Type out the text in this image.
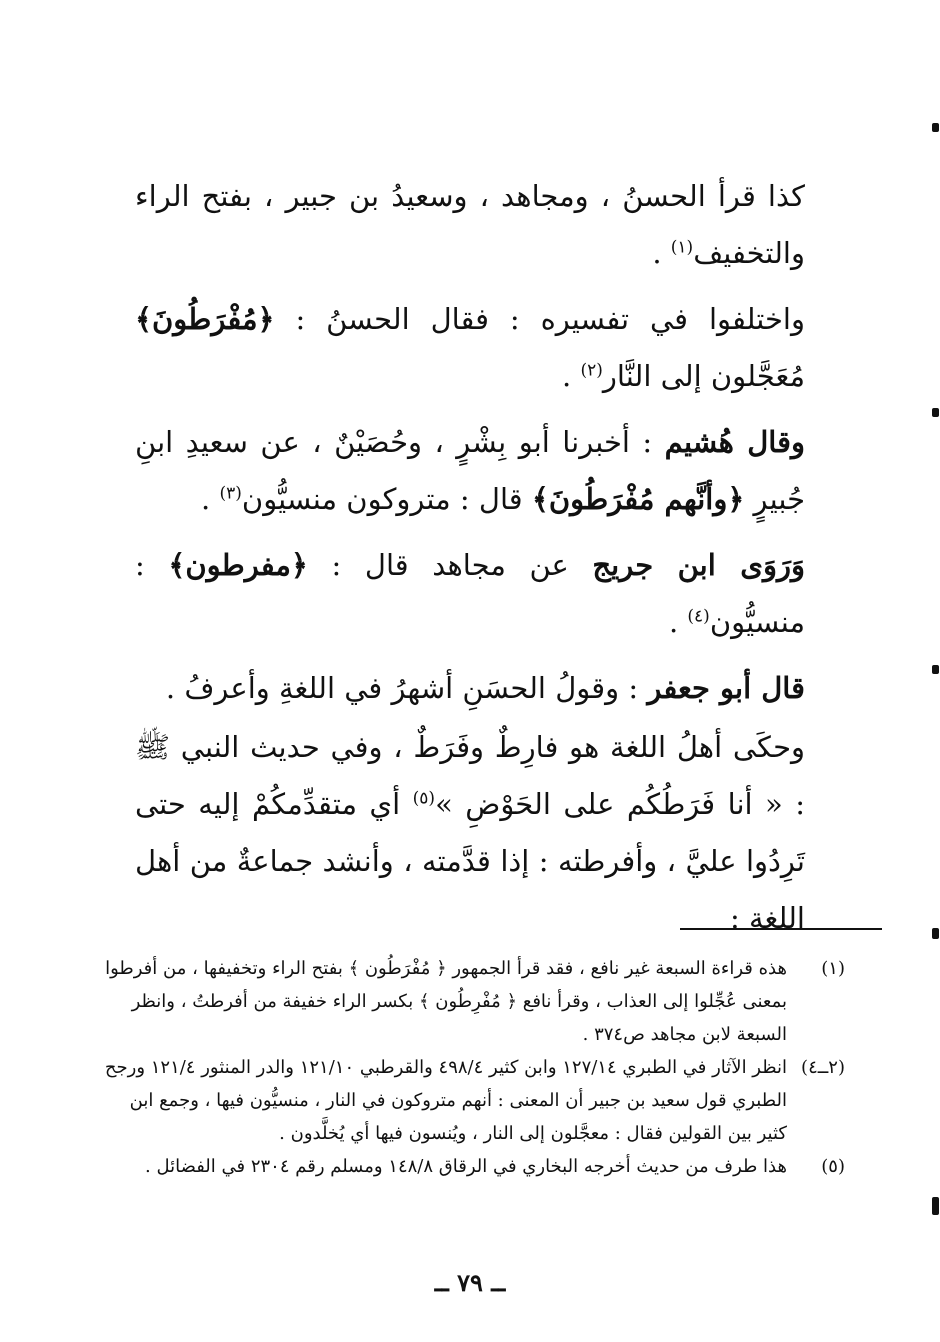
كذا قرأ الحسنُ ، ومجاهد ، وسعيدُ بن جبير ، بفتح الراء والتخفيف$^{(١)}$ .

واختلفوا في تفسيره : فقال الحسنُ : ﴿مُفْرَطُونَ﴾ مُعَجَّلون إلى النَّار$^{(٢)}$ .

وقال هُشيم : أخبرنا أبو بِشْرٍ ، وحُصَيْنٌ ، عن سعيدِ ابنِ جُبيرٍ ﴿وأنَّهم مُفْرَطُونَ﴾ قال : متروكون منسيُّون$^{(٣)}$ .

وَرَوَى ابن جريج عن مجاهد قال : ﴿مفرطون﴾ : منسيُّون$^{(٤)}$ .

قال أبو جعفر : وقولُ الحسَنِ أشهرُ في اللغةِ وأعرفُ .

وحكَى أهلُ اللغة هو فارِطٌ وفَرَطٌ ، وفي حديث النبي ﷺ : « أنا فَرَطُكُم على الحَوْضِ »$^{(٥)}$ أي متقدِّمكُمْ إليه حتى تَرِدُوا عليَّ ، وأفرطته : إذا قدَّمته ، وأنشد جماعةٌ من أهل اللغة :

(١)
هذه قراءة السبعة غير نافع ، فقد قرأ الجمهور ﴿ مُفْرَطُون ﴾ بفتح الراء وتخفيفها ، من أفرطوا بمعنى عُجِّلوا إلى العذاب ، وقرأ نافع ﴿ مُفْرِطُون ﴾ بكسر الراء خفيفة من أفرطتُ ، وانظر السبعة لابن مجاهد ص٣٧٤ .

(٢ــ٤)
انظر الآثار في الطبري ١٢٧/١٤ وابن كثير ٤٩٨/٤ والقرطبي ١٢١/١٠ والدر المنثور ١٢١/٤ ورجح الطبري قول سعيد بن جبير أن المعنى : أنهم متروكون في النار ، منسيُّون فيها ، وجمع ابن كثير بين القولين فقال : معجَّلون إلى النار ، ويُنسون فيها أي يُخلَّدون .

(٥)
هذا طرف من حديث أخرجه البخاري في الرقاق ١٤٨/٨ ومسلم رقم ٢٣٠٤ في الفضائل .

ــ ٧٩ ــ
